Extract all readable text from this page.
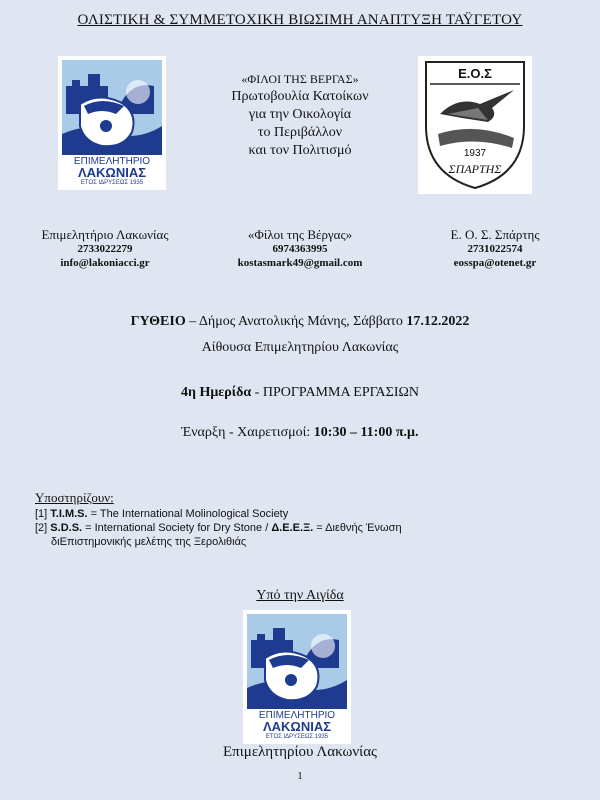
ΟΛΙΣΤΙΚΗ & ΣΥΜΜΕΤΟΧΙΚΗ ΒΙΩΣΙΜΗ ΑΝΑΠΤΥΞΗ ΤΑΫΓΕΤΟΥ
ΕΠΙΜΕΛΗΤΗΡΙΟ
ΛΑΚΩΝΙΑΣ
ΕΤΟΣ ΙΔΡΥΣΕΩΣ 1935
«ΦΙΛΟΙ ΤΗΣ ΒΕΡΓΑΣ»
Πρωτοβουλία Κατοίκων
για την Οικολογία
το Περιβάλλον
και τον Πολιτισμό
Ε.Ο.Σ
1937
ΣΠΑΡΤΗΣ
Επιμελητήριο Λακωνίας
2733022279
info@lakoniacci.gr
«Φίλοι της Βέργας»
6974363995
kostasmark49@gmail.com
Ε. Ο. Σ. Σπάρτης
2731022574
eosspa@otenet.gr
ΓΥΘΕΙΟ – Δήμος Ανατολικής Μάνης, Σάββατο 17.12.2022
Αίθουσα Επιμελητηρίου Λακωνίας
4η Ημερίδα - ΠΡΟΓΡΑΜΜΑ ΕΡΓΑΣΙΩΝ
Έναρξη - Χαιρετισμοί: 10:30 – 11:00 π.μ.
Υποστηρίζουν:
[1] T.I.M.S. = The International Molinological Society
[2] S.D.S. = International Society for Dry Stone / Δ.Ε.Ε.Ξ. = Διεθνής Ένωση
διΕπιστημονικής μελέτης της Ξερολιθιάς
Υπό την Αιγίδα
ΕΠΙΜΕΛΗΤΗΡΙΟ
ΛΑΚΩΝΙΑΣ
ΕΤΟΣ ΙΔΡΥΣΕΩΣ 1935
Επιμελητηρίου Λακωνίας
1
